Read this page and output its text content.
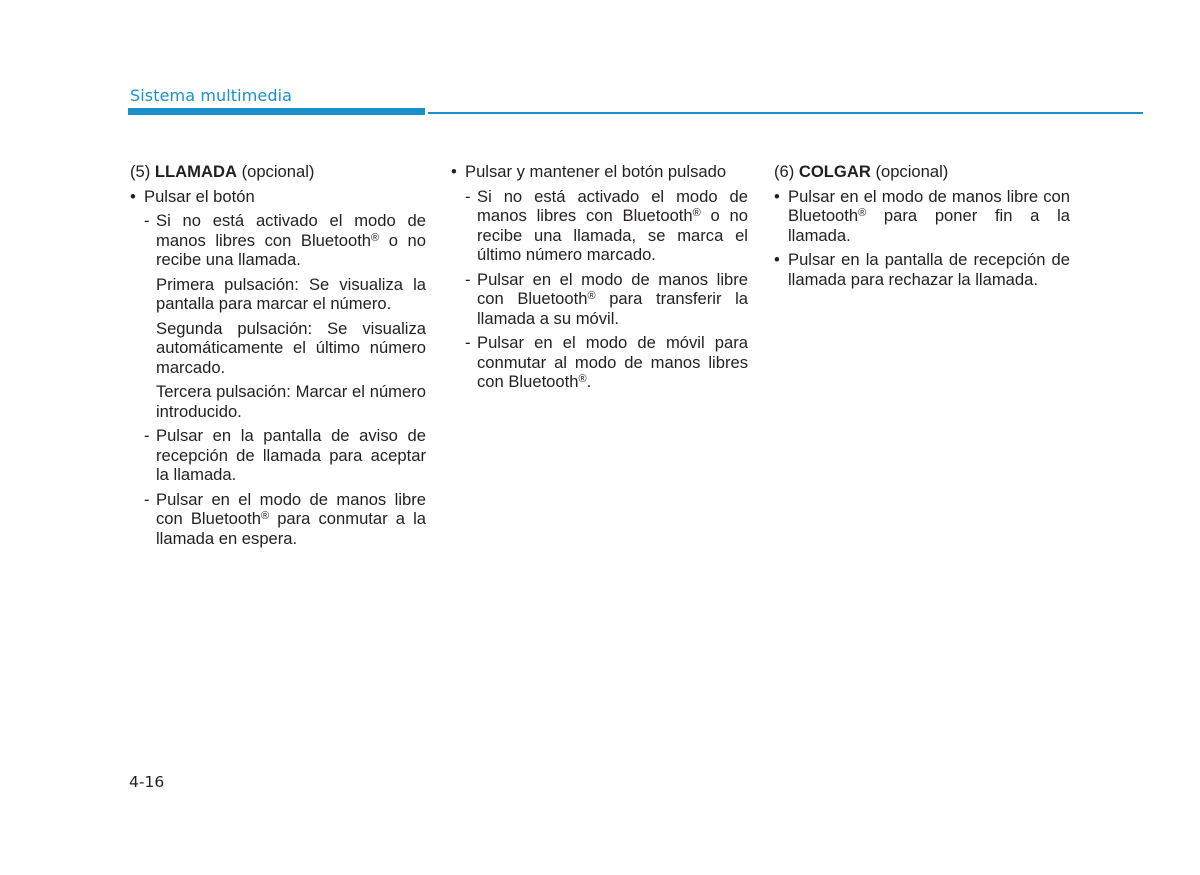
Sistema multimedia
(5) LLAMADA (opcional)
• Pulsar el botón
- Si no está activado el modo de manos libres con Bluetooth® o no recibe una llamada.
Primera pulsación: Se visualiza la pantalla para marcar el número.
Segunda pulsación: Se visualiza automáticamente el último número marcado.
Tercera pulsación: Marcar el número introducido.
- Pulsar en la pantalla de aviso de recepción de llamada para aceptar la llamada.
- Pulsar en el modo de manos libre con Bluetooth® para conmutar a la llamada en espera.
• Pulsar y mantener el botón pulsado
- Si no está activado el modo de manos libres con Bluetooth® o no recibe una llamada, se marca el último número marcado.
- Pulsar en el modo de manos libre con Bluetooth® para transferir la llamada a su móvil.
- Pulsar en el modo de móvil para conmutar al modo de manos libres con Bluetooth®.
(6) COLGAR (opcional)
• Pulsar en el modo de manos libre con Bluetooth® para poner fin a la llamada.
• Pulsar en la pantalla de recepción de llamada para rechazar la llamada.
4-16
